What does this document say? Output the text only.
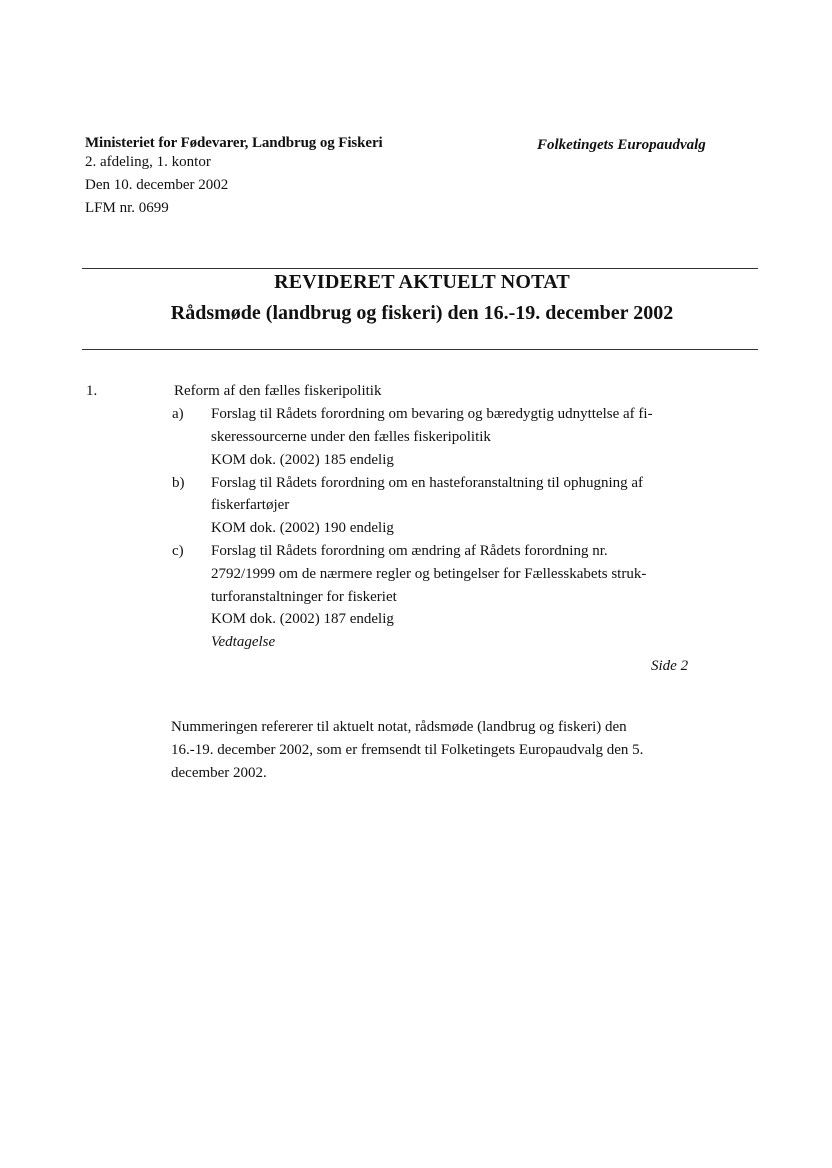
Ministeriet for Fødevarer, Landbrug og Fiskeri
2. afdeling, 1. kontor
Den 10. december 2002
LFM nr. 0699
Folketingets Europaudvalg
REVIDERET AKTUELT NOTAT
Rådsmøde (landbrug og fiskeri) den 16.-19. december 2002
1.	Reform af den fælles fiskeripolitik
a) Forslag til Rådets forordning om bevaring og bæredygtig udnyttelse af fi-
skeressourcerne under den fælles fiskeripolitik
KOM dok. (2002) 185 endelig
b) Forslag til Rådets forordning om en hasteforanstaltning til ophugning af
fiskerfartøjer
KOM dok. (2002) 190 endelig
c) Forslag til Rådets forordning om ændring af Rådets forordning nr.
2792/1999 om de nærmere regler og betingelser for Fællesskabets struk-
turforanstaltninger for fiskeriet
KOM dok. (2002) 187 endelig
Vedtagelse
Side 2
Nummeringen refererer til aktuelt notat, rådsmøde (landbrug og fiskeri) den
16.-19. december 2002, som er fremsendt til Folketingets Europaudvalg den 5.
december 2002.
